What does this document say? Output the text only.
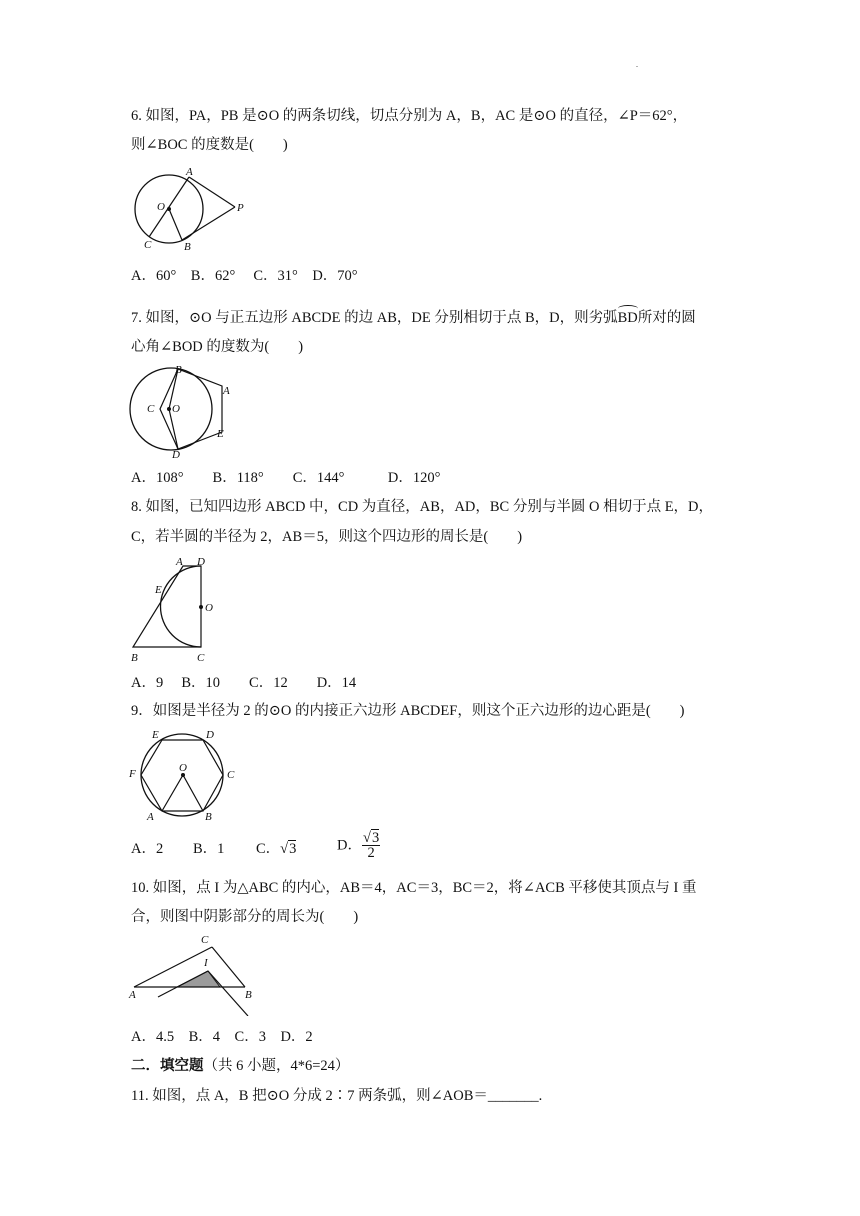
.
6. 如图，PA，PB 是⊙O 的两条切线，切点分别为 A，B，AC 是⊙O 的直径，∠P＝62°，
则∠BOC 的度数是(　　)
A
B
C
O	P
A．60°　B．62°　 C．31°　D．70°
7. 如图，⊙O 与正五边形 ABCDE 的边 AB，DE 分别相切于点 B，D，则劣弧BD所对的圆
心角∠BOD 的度数为(　　)
B
A
C O
E
D
A．108°　　B．118°　　C．144°　　　D．120°
8. 如图，已知四边形 ABCD 中，CD 为直径，AB，AD，BC 分别与半圆 O 相切于点 E，D，
C，若半圆的半径为 2，AB＝5，则这个四边形的周长是(　　)
A D
E
O
B	C
A．9　 B．10　　C．12　　D．14
9．如图是半径为 2 的⊙O 的内接正六边形 ABCDEF，则这个正六边形的边心距是(　　)
E	D
F	C
O
A	B
A．2 B．1 C．√3	D． $\frac{√3}{2}$
10. 如图，点 I 为△ABC 的内心，AB＝4，AC＝3，BC＝2，将∠ACB 平移使其顶点与 I 重
C
I
A	B
合，则图中阴影部分的周长为(　　)
A．4.5　B．4　C．3　D．2
二．填空题（共 6 小题，4*6=24）
11. 如图，点 A，B 把⊙O 分成 2∶7 两条弧，则∠AOB＝_______.
